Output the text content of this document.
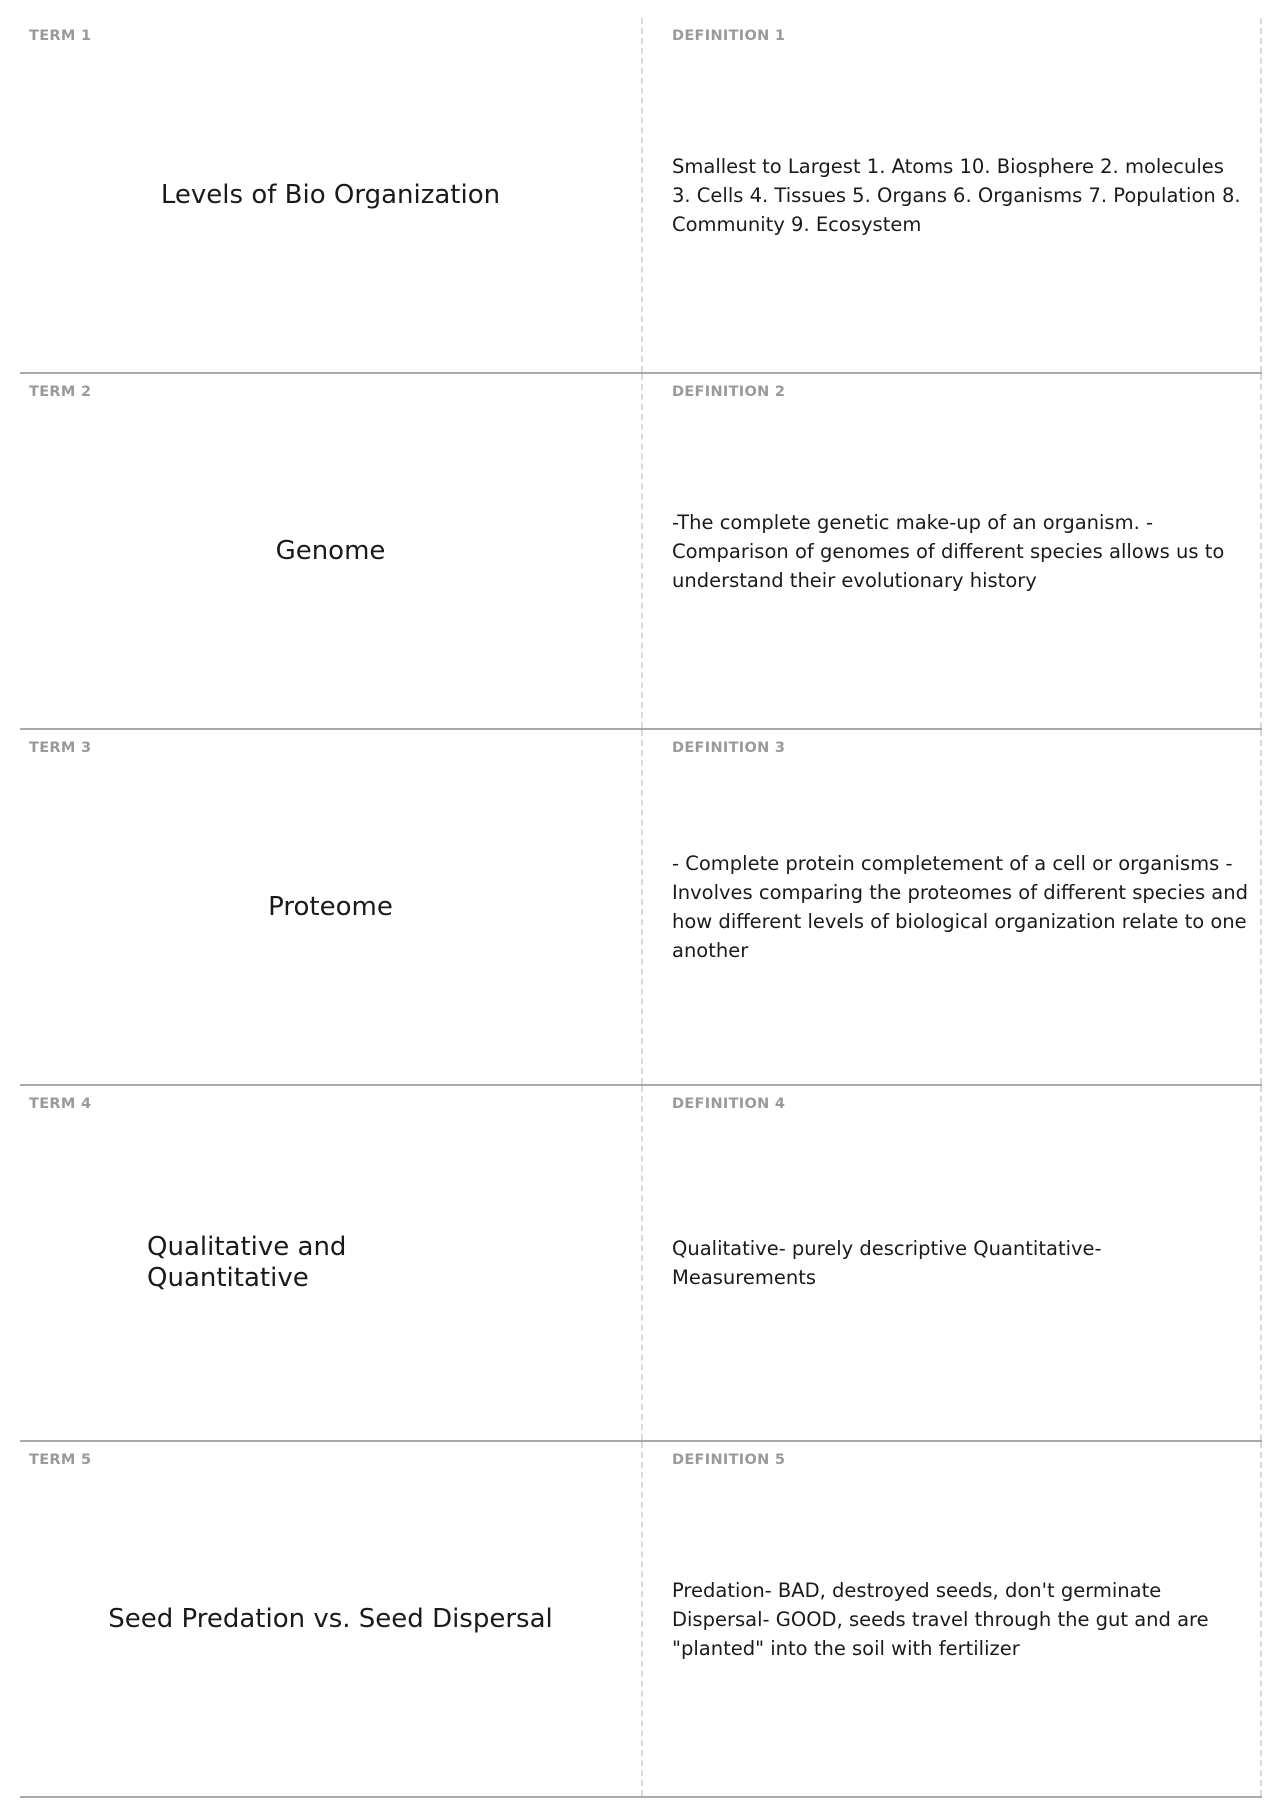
TERM 1
Levels of Bio Organization
DEFINITION 1
Smallest to Largest 1. Atoms 10. Biosphere 2. molecules 3. Cells 4. Tissues 5. Organs 6. Organisms 7. Population 8. Community 9. Ecosystem
TERM 2
Genome
DEFINITION 2
-The complete genetic make-up of an organism. -Comparison of genomes of different species allows us to understand their evolutionary history
TERM 3
Proteome
DEFINITION 3
- Complete protein completement of a cell or organisms -Involves comparing the proteomes of different species and how different levels of biological organization relate to one another
TERM 4
Qualitative and Quantitative
DEFINITION 4
Qualitative- purely descriptive Quantitative- Measurements
TERM 5
Seed Predation vs. Seed Dispersal
DEFINITION 5
Predation- BAD, destroyed seeds, don't germinate Dispersal- GOOD, seeds travel through the gut and are "planted" into the soil with fertilizer
